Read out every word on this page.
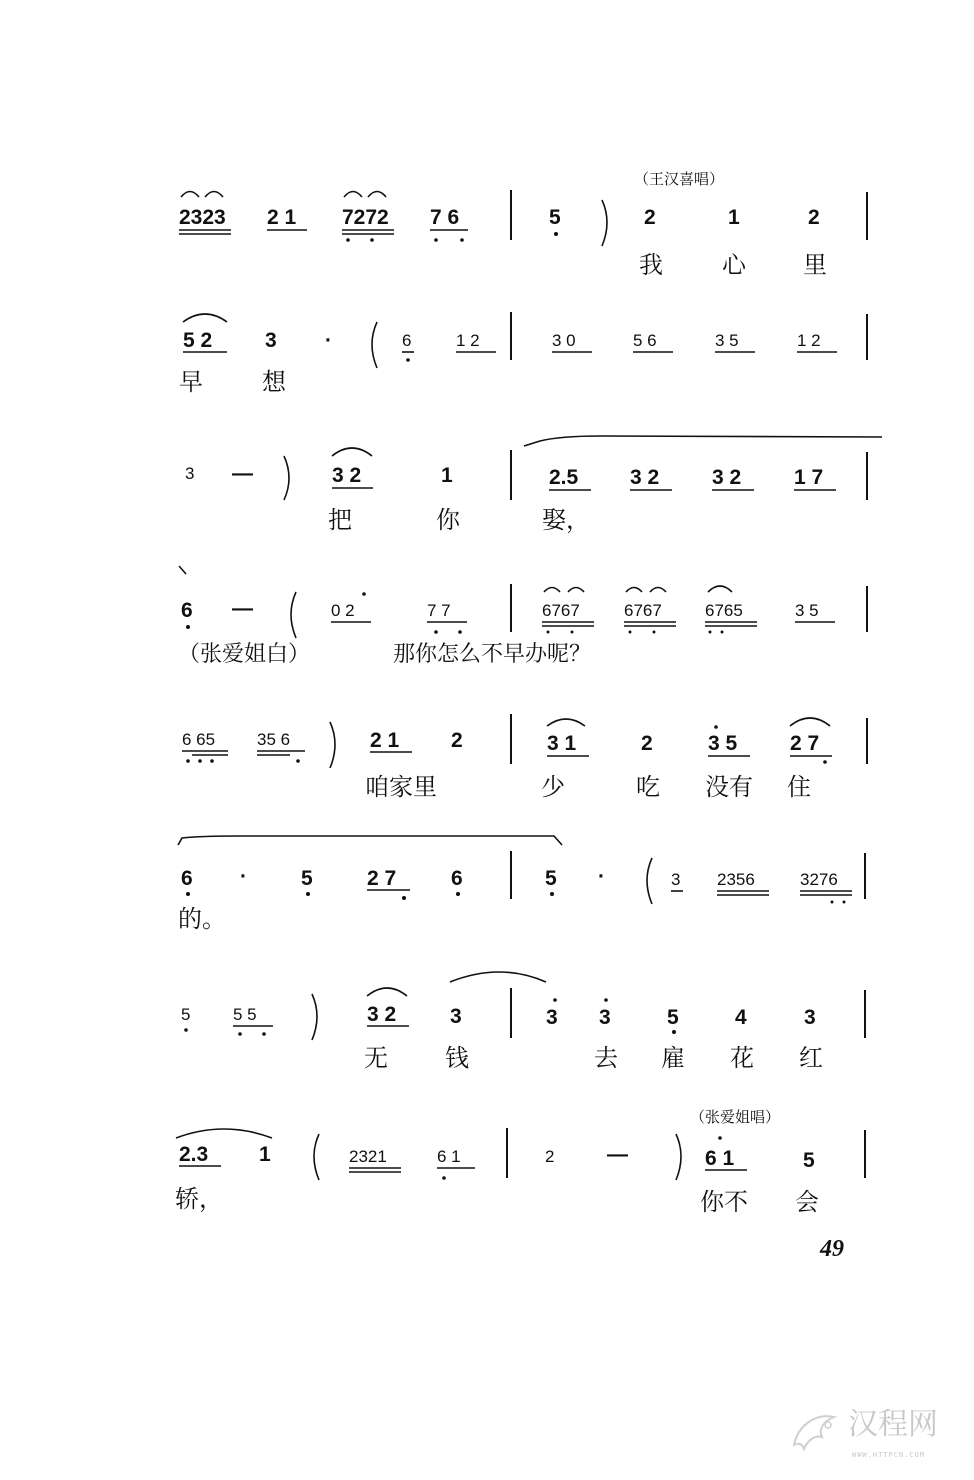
（王汉喜唱）
2323 2 1 7272 7 6	5	2	1	2
我 心 里
5 2	3 ·	6	1 2	3 0	5 6	3 5	1 2
早 想
3 —	3 2	1	2.5 3 2	3 2	1 7
把	你	娶，
6 —	0 2	7 7	6767	6767	6765	3 5
（张爱姐白）	那你怎么不早办呢？
6 65 35 6	2 1 2	3 1	2	3 5	2 7
咱家里	少	吃 没有 住
6 ·	5	2 7	6	5 ·	3 2356	3276
的。
5	5 5	3 2	3	3 3	5	4	3
无 钱	去 雇 花 红
（张爱姐唱）
2.3 1	2321	6 1	2	—	6 1	5
轿，	你不 会
49
汉程网
WWW.HTTPCN.COM
